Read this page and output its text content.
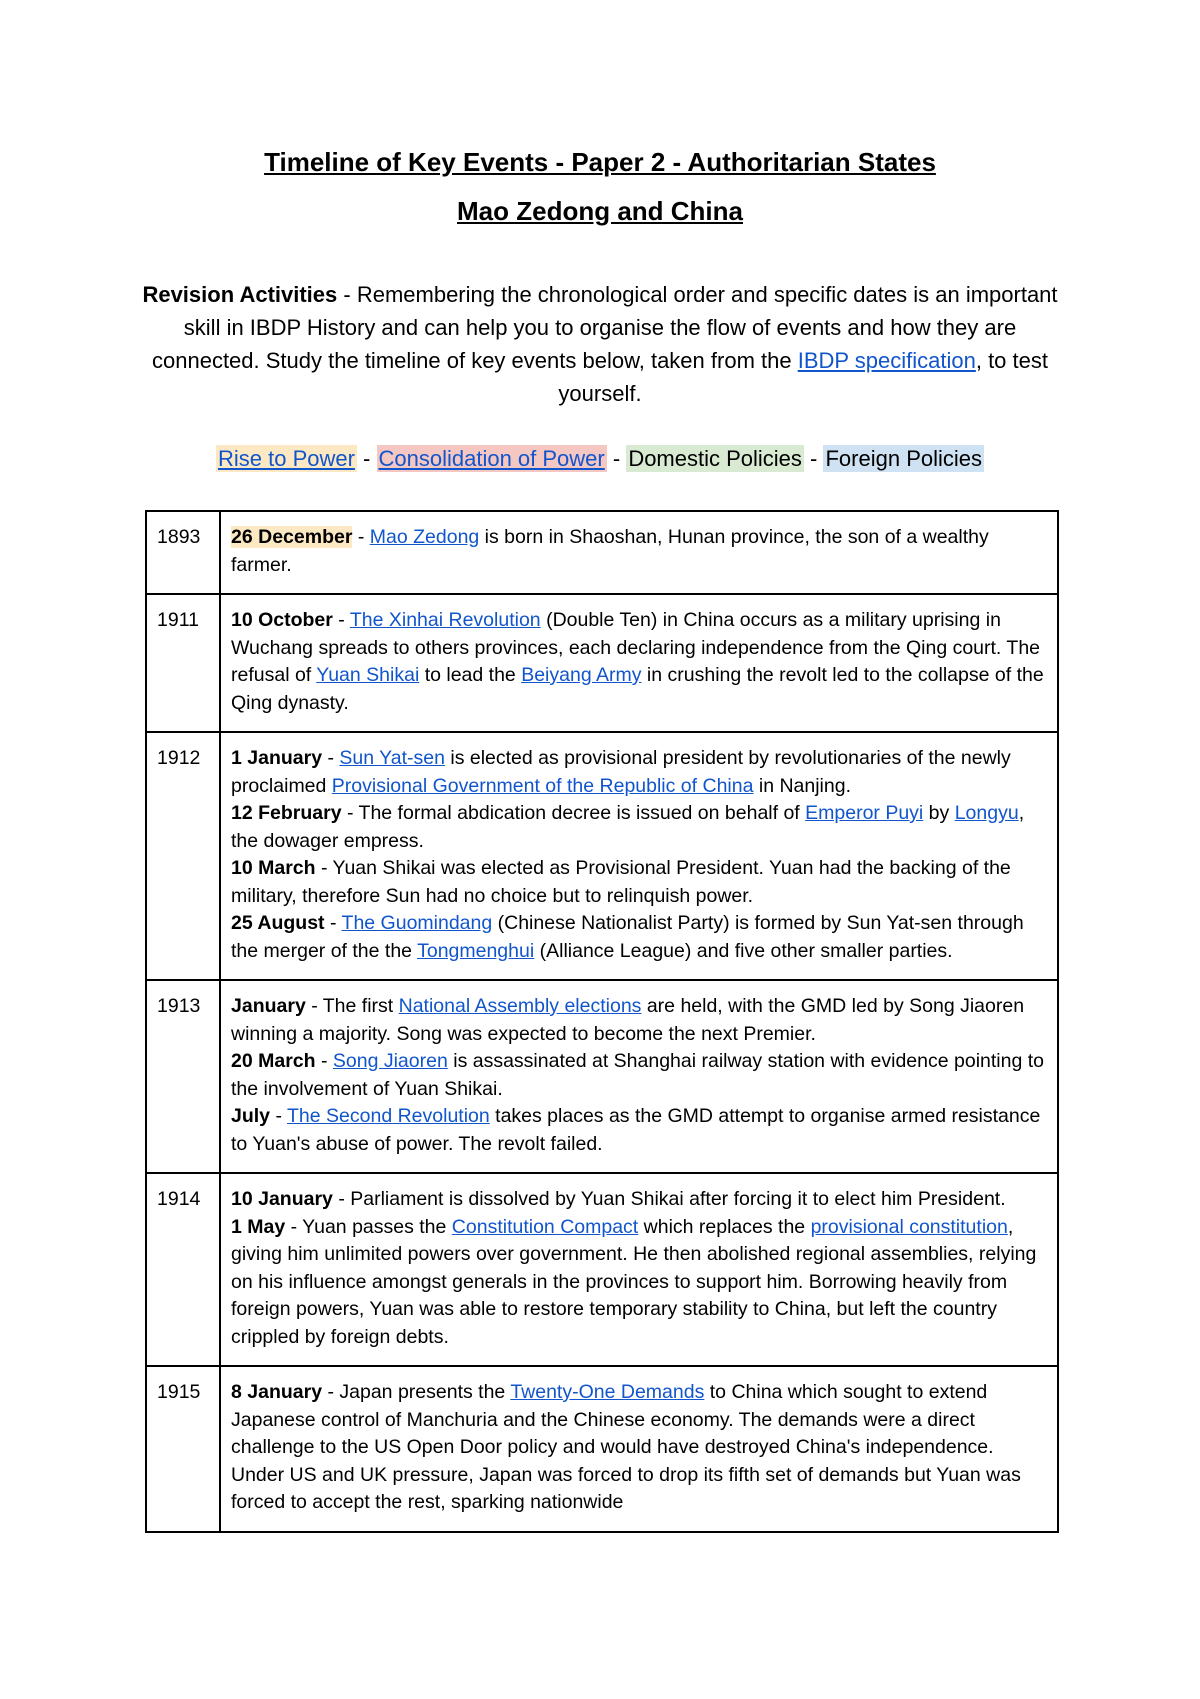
Timeline of Key Events - Paper 2 - Authoritarian States
Mao Zedong and China
Revision Activities - Remembering the chronological order and specific dates is an important skill in IBDP History and can help you to organise the flow of events and how they are connected. Study the timeline of key events below, taken from the IBDP specification, to test yourself.
Rise to Power - Consolidation of Power - Domestic Policies - Foreign Policies
1893	26 December - Mao Zedong is born in Shaoshan, Hunan province, the son of a wealthy farmer.

1911	10 October - The Xinhai Revolution (Double Ten) in China occurs as a military uprising in Wuchang spreads to others provinces, each declaring independence from the Qing court. The refusal of Yuan Shikai to lead the Beiyang Army in crushing the revolt led to the collapse of the Qing dynasty.

1912	1 January - Sun Yat-sen is elected as provisional president by revolutionaries of the newly proclaimed Provisional Government of the Republic of China in Nanjing.
12 February - The formal abdication decree is issued on behalf of Emperor Puyi by Longyu, the dowager empress.
10 March - Yuan Shikai was elected as Provisional President. Yuan had the backing of the military, therefore Sun had no choice but to relinquish power.
25 August - The Guomindang (Chinese Nationalist Party) is formed by Sun Yat-sen through the merger of the the Tongmenghui (Alliance League) and five other smaller parties.

1913	January - The first National Assembly elections are held, with the GMD led by Song Jiaoren winning a majority. Song was expected to become the next Premier.
20 March - Song Jiaoren is assassinated at Shanghai railway station with evidence pointing to the involvement of Yuan Shikai.
July - The Second Revolution takes places as the GMD attempt to organise armed resistance to Yuan's abuse of power. The revolt failed.

1914	10 January - Parliament is dissolved by Yuan Shikai after forcing it to elect him President.
1 May - Yuan passes the Constitution Compact which replaces the provisional constitution, giving him unlimited powers over government. He then abolished regional assemblies, relying on his influence amongst generals in the provinces to support him. Borrowing heavily from foreign powers, Yuan was able to restore temporary stability to China, but left the country crippled by foreign debts.

1915	8 January - Japan presents the Twenty-One Demands to China which sought to extend Japanese control of Manchuria and the Chinese economy. The demands were a direct challenge to the US Open Door policy and would have destroyed China's independence. Under US and UK pressure, Japan was forced to drop its fifth set of demands but Yuan was forced to accept the rest, sparking nationwide
